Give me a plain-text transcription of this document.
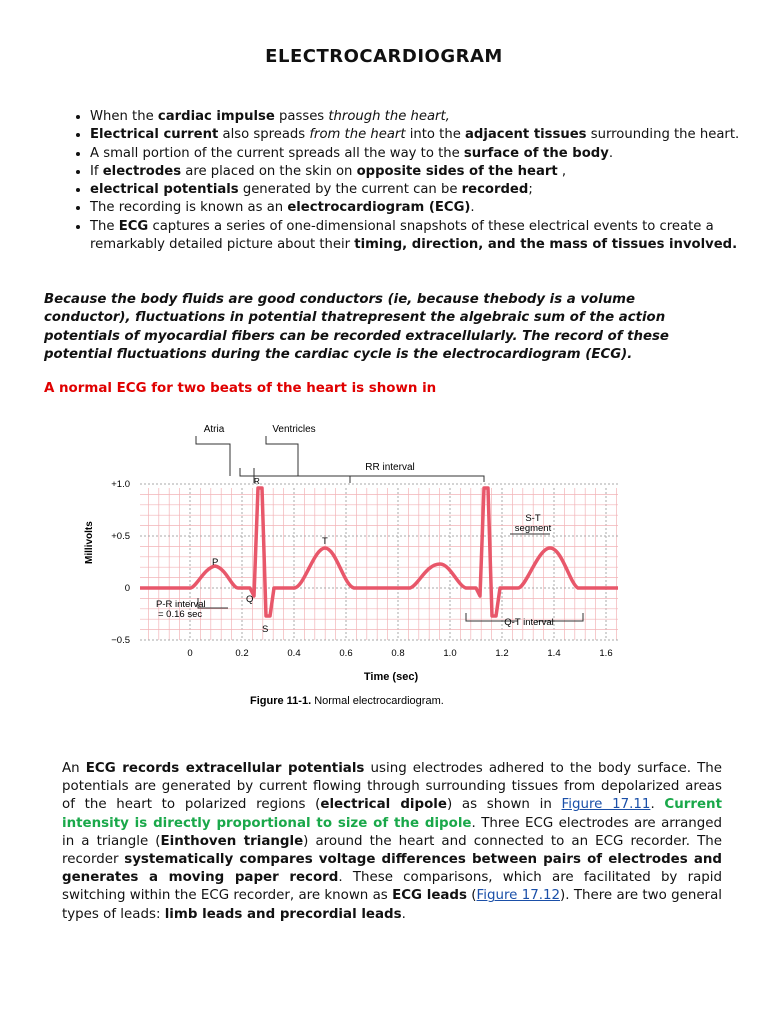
ELECTROCARDIOGRAM
• When the cardiac impulse passes through the heart,
• Electrical current also spreads from the heart into the adjacent tissues surrounding the heart.
• A small portion of the current spreads all the way to the surface of the body.
• If electrodes are placed on the skin on opposite sides of the heart ,
• electrical potentials generated by the current can be recorded;
• The recording is known as an electrocardiogram (ECG).
• The ECG captures a series of one-dimensional snapshots of these electrical events to create a remarkably detailed picture about their timing, direction, and the mass of tissues involved.
Because the body fluids are good conductors (ie, because thebody is a volume conductor), fluctuations in potential thatrepresent the algebraic sum of the action potentials of myocardial fibers can be recorded extracellularly. The record of these potential fluctuations during the cardiac cycle is the electrocardiogram (ECG).
A normal ECG for two beats of the heart is shown in
Millivolts
Time (sec)
+1.0
+0.5
0
−0.5
0	0.2	0.4	0.6	0.8	1.0	1.2	1.4	1.6
Atria	Ventricles
RR interval
S-T
segment
P-R interval
= 0.16 sec
Q-T interval
P
Q
R
S
T
Figure 11-1. Normal electrocardiogram.
An ECG records extracellular potentials using electrodes adhered to the body surface. The potentials are generated by current flowing through surrounding tissues from depolarized areas of the heart to polarized regions (electrical dipole) as shown in Figure 17.11. Current intensity is directly proportional to size of the dipole. Three ECG electrodes are arranged in a triangle (Einthoven triangle) around the heart and connected to an ECG recorder. The recorder systematically compares voltage differences between pairs of electrodes and generates a moving paper record. These comparisons, which are facilitated by rapid switching within the ECG recorder, are known as ECG leads (Figure 17.12). There are two general types of leads: limb leads and precordial leads.
